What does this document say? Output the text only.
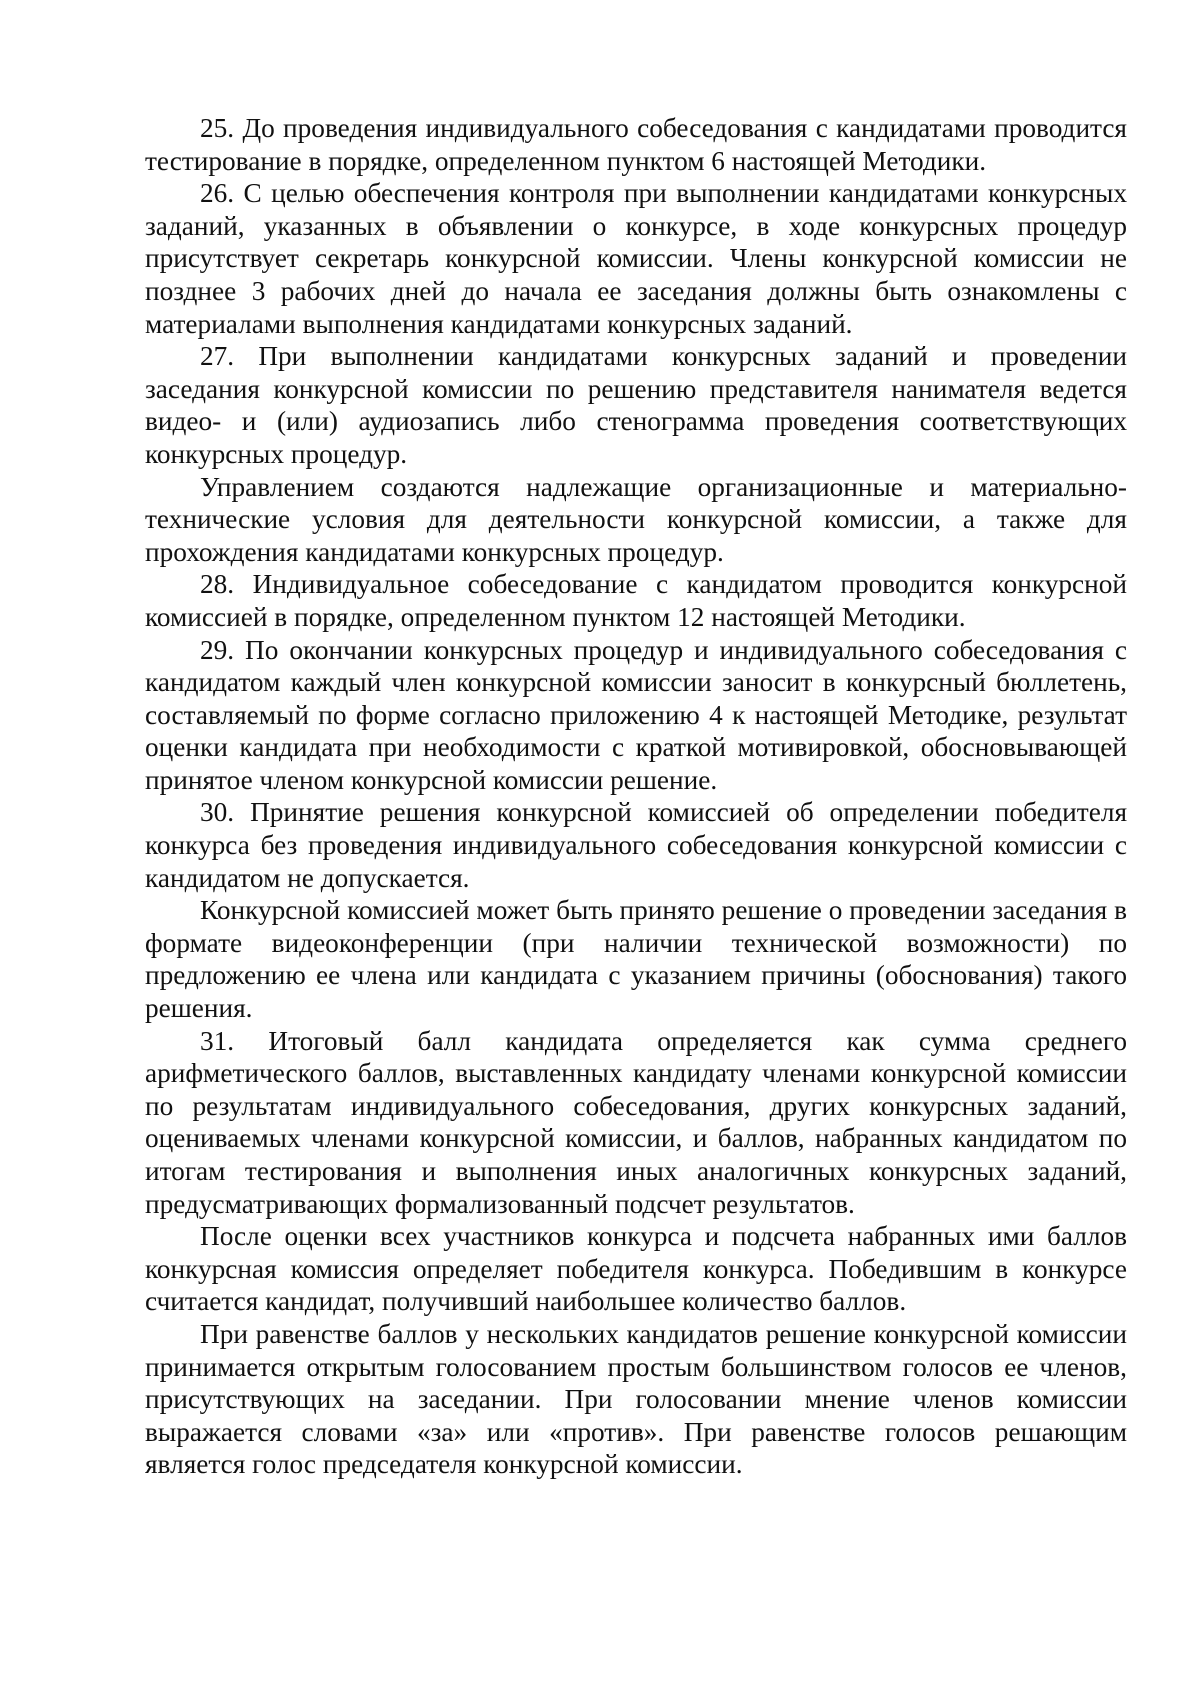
25. До проведения индивидуального собеседования с кандидатами проводится тестирование в порядке, определенном пунктом 6 настоящей Методики.

26. С целью обеспечения контроля при выполнении кандидатами конкурсных заданий, указанных в объявлении о конкурсе, в ходе конкурсных процедур присутствует секретарь конкурсной комиссии. Члены конкурсной комиссии не позднее 3 рабочих дней до начала ее заседания должны быть ознакомлены с материалами выполнения кандидатами конкурсных заданий.

27. При выполнении кандидатами конкурсных заданий и проведении заседания конкурсной комиссии по решению представителя нанимателя ведется видео- и (или) аудиозапись либо стенограмма проведения соответствующих конкурсных процедур.

Управлением создаются надлежащие организационные и материально-технические условия для деятельности конкурсной комиссии, а также для прохождения кандидатами конкурсных процедур.

28. Индивидуальное собеседование с кандидатом проводится конкурсной комиссией в порядке, определенном пунктом 12 настоящей Методики.

29. По окончании конкурсных процедур и индивидуального собеседования с кандидатом каждый член конкурсной комиссии заносит в конкурсный бюллетень, составляемый по форме согласно приложению 4 к настоящей Методике, результат оценки кандидата при необходимости с краткой мотивировкой, обосновывающей принятое членом конкурсной комиссии решение.

30. Принятие решения конкурсной комиссией об определении победителя конкурса без проведения индивидуального собеседования конкурсной комиссии с кандидатом не допускается.

Конкурсной комиссией может быть принято решение о проведении заседания в формате видеоконференции (при наличии технической возможности) по предложению ее члена или кандидата с указанием причины (обоснования) такого решения.

31. Итоговый балл кандидата определяется как сумма среднего арифметического баллов, выставленных кандидату членами конкурсной комиссии по результатам индивидуального собеседования, других конкурсных заданий, оцениваемых членами конкурсной комиссии, и баллов, набранных кандидатом по итогам тестирования и выполнения иных аналогичных конкурсных заданий, предусматривающих формализованный подсчет результатов.

После оценки всех участников конкурса и подсчета набранных ими баллов конкурсная комиссия определяет победителя конкурса. Победившим в конкурсе считается кандидат, получивший наибольшее количество баллов.

При равенстве баллов у нескольких кандидатов решение конкурсной комиссии принимается открытым голосованием простым большинством голосов ее членов, присутствующих на заседании. При голосовании мнение членов комиссии выражается словами «за» или «против». При равенстве голосов решающим является голос председателя конкурсной комиссии.
